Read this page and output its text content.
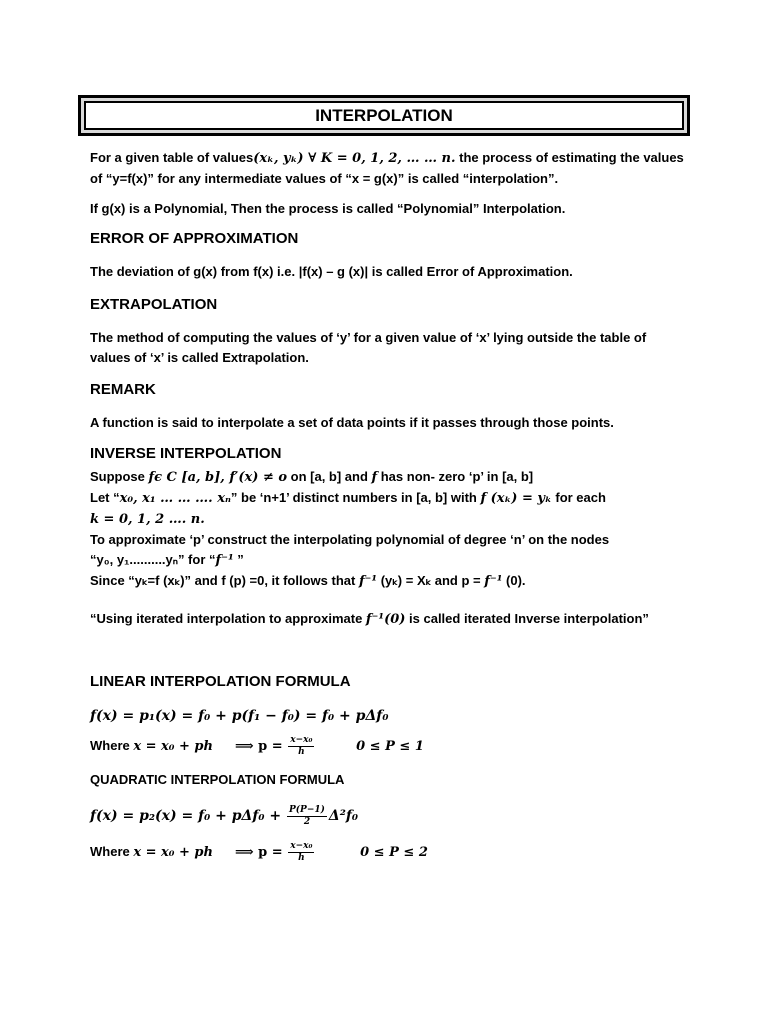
INTERPOLATION
For a given table of values(xₖ, yₖ) ∀ K = 0, 1, 2, … … n. the process of estimating the values
of “y=f(x)” for any intermediate values of “x = g(x)” is called “interpolation”.
If g(x) is a Polynomial, Then the process is called “Polynomial” Interpolation.
ERROR OF APPROXIMATION
The deviation of g(x) from f(x) i.e. |f(x) – g (x)| is called Error of Approximation.
EXTRAPOLATION
The method of computing the values of ‘y’ for a given value of ‘x’ lying outside the table of
values of ‘x’ is called Extrapolation.
REMARK
A function is said to interpolate a set of data points if it passes through those points.
INVERSE INTERPOLATION
Suppose fϵ C [a, b], f′(x) ≠ o on [a, b] and f has non- zero ‘p’ in [a, b]
Let “x₀, x₁ … … …. xₙ” be ‘n+1’ distinct numbers in [a, b] with f (xₖ) = yₖ for each
k = 0, 1, 2 …. n.
To approximate ‘p’ construct the interpolating polynomial of degree ‘n’ on the nodes
“y₀, y₁..........yₙ” for “f⁻¹ ”
Since “yₖ=f (xₖ)” and f (p) =0, it follows that f⁻¹ (yₖ) = Xₖ and p = f⁻¹ (0).
“Using iterated interpolation to approximate f⁻¹(0) is called iterated Inverse interpolation”
LINEAR INTERPOLATION FORMULA
f(x) = p₁(x) = f₀ + p(f₁ − f₀) = f₀ + pΔf₀
Where x = x₀ + ph ⟹ $p = \frac{\text{x−x₀}}{h}$	0 ≤ P ≤ 1
QUADRATIC INTERPOLATION FORMULA
$f(x) = p_2(x) = f_0 + p\Delta f_0 + \frac{P(P-1)}{2} \Delta^2f_0$
Where x = x₀ + ph ⟹ $p = \frac{\text{x−x₀}}{h}$	0 ≤ P ≤ 2
